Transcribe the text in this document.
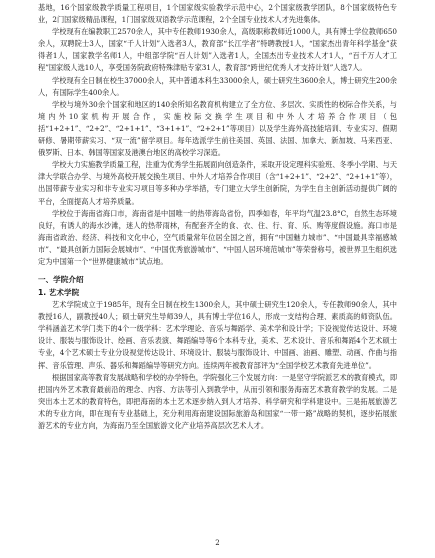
基地，16个国家级教学质量工程项目，1个国家级实验教学示范中心，2个国家级教学团队，8个国家级特色专业，2门国家级精品课程，1门国家级双语教学示范课程，2个全国专业技术人才先进集体。

学校现有在编教职工2570余人，其中专任教师1930余人，高级职称教师近1000人，具有博士学位教师650余人，双聘院士3人，国家“千人计划”入选者3人，教育部“长江学者”特聘教授1人，“国家杰出青年科学基金”获得者1人，国家教学名师1人，中组部学院“百人计划”入选者1人，全国杰出专业技术人才1人，“百千万人才工程”国家级人选10人，享受国务院政府特殊津贴专家31人，教育部“跨世纪优秀人才支持计划”人选7人。

学校现有全日制在校生37000余人，其中普通本科生33000余人，硕士研究生3600余人，博士研究生200余人，有国际学生400余人。

学校与境外30余个国家和地区的140余所知名教育机构建立了全方位、多层次、实质性的校际合作关系，与境内外10家机构开展合作，实施校际交换学生项目和中外人才培养合作项目（包括“1+2+1”、“2+2”、“2+1+1”、“3+1+1”、“2+2+1”等项目）以及学生海外高技能培训、专业实习、假期研修、暑期带薪实习、“双一流”留学项目。每年选派学生前往美国、英国、法国、加拿大、新加坡、马来西亚、俄罗斯、日本、韩国等国家及港澳台地区的高校学习深造。

学校大力实施教学质量工程，注重为优秀学生拓展面向创造条件，采取开设定理科实验班、冬季小学期、与天津大学联合办学、与境外高校开展交换生项目、中外人才培养合作项目（含“1+2+1”、“2+2”、“2+1+1”等），出国带薪专业实习和非专业实习项目等多种办学举措，专门建立大学生创新院，为学生自主创新活动提供广阔的平台，全面提高人才培养质量。

学校位于海南省海口市，海南省是中国唯一的热带海岛省份，四季如春，年平均气温23.8°C，自然生态环境良好，有诱人的海水沙滩，迷人的热带雨林，有配套齐全的食、衣、住、行、育、乐、购等度假设施。海口市是海南省政治、经济、科技和文化中心，空气质量常年位居全国之首，拥有“中国魅力城市”、“中国最具幸福感城市”、“最具创新力国际会展城市”、“中国优秀旅游城市”、“中国人居环境范城市”等荣誉称号，被世界卫生组织选定为中国第一个“世界健康城市”试点地。

一、学院介绍
1. 艺术学院

艺术学院成立于1985年，现有全日制在校生1300余人，其中硕士研究生120余人，专任教师90余人，其中教授16人，副教授40人；硕士研究生导师39人，具有博士学位16人，形成一支结构合理、素质高的师资队伍。学科涵盖艺术学门类下的4个一级学科：艺术学理论、音乐与舞蹈学、美术学和设计学；下设视觉传达设计、环境设计、服装与服饰设计、绘画、音乐表演、舞蹈编导等6个本科专业，美术、艺术设计、音乐和舞蹈4个艺术硕士专业，4个艺术硕士专业分设视觉传达设计、环境设计、服装与服饰设计、中国画、油画、雕塑、动画、作曲与指挥、音乐管理、声乐、器乐和舞蹈编导等研究方向。连续两年被教育部评为“全国学校艺术教育先进单位”。

根据国家高等教育发展战略和学校的办学特色，学院强化三个发展方向：一是坚守学院派艺术的教育模式，即把国内外艺术教育最前沿的理念、内容、方法等引入到教学中，从而引领和服务海南艺术教育教学的发展。二是突出本土艺术的教育特色，即把海南的本土艺术逐步纳入到人才培养、科学研究和学科建设中。三是拓展旅游艺术的专业方向，即在现有专业基础上，充分利用海南建设国际旅游岛和国家“一带一路”战略的契机，逐步拓展旅游艺术的专业方向，为海南乃至全国旅游文化产业培养高层次艺术人才。

2
